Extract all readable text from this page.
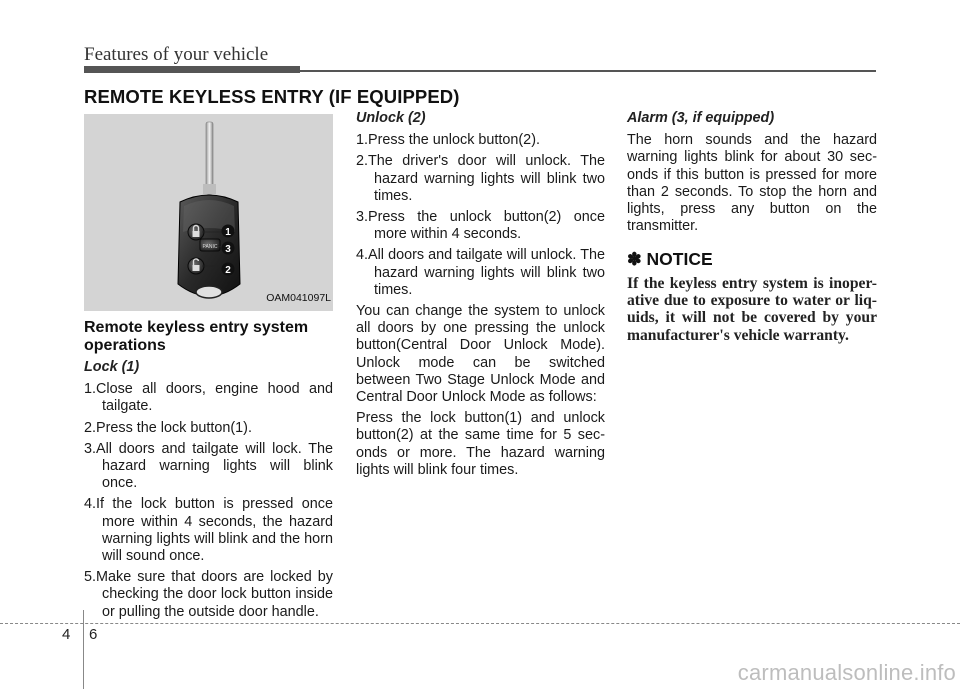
Features of your vehicle
REMOTE KEYLESS ENTRY (IF EQUIPPED)
PANIC
1
3
2
OAM041097L
Remote keyless entry system operations
Lock (1)
1.Close all doors, engine hood and tailgate.
2.Press the lock button(1).
3.All doors and tailgate will lock. The hazard warning lights will blink once.
4.If the lock button is pressed once more within 4 seconds, the hazard warning lights will blink and the horn will sound once.
5.Make sure that doors are locked by checking the door lock button inside or pulling the outside door handle.
Unlock (2)
1.Press the unlock button(2).
2.The driver's door will unlock. The hazard warning lights will blink two times.
3.Press the unlock button(2) once more within 4 seconds.
4.All doors and tailgate will unlock. The hazard warning lights will blink two times.

You can change the system to unlock all doors by one pressing the unlock button(Central Door Unlock Mode). Unlock mode can be switched between Two Stage Unlock Mode and Central Door Unlock Mode as follows:

Press the lock button(1) and unlock button(2) at the same time for 5 sec-onds or more. The hazard warning lights will blink four times.

Alarm (3, if equipped)

The horn sounds and the hazard warning lights blink for about 30 sec-onds if this button is pressed for more than 2 seconds. To stop the horn and lights, press any button on the transmitter.

✽ NOTICE
If the keyless entry system is inoper-ative due to exposure to water or liq-uids, it will not be covered by your manufacturer's vehicle warranty.
4 6
carmanualsonline.info
